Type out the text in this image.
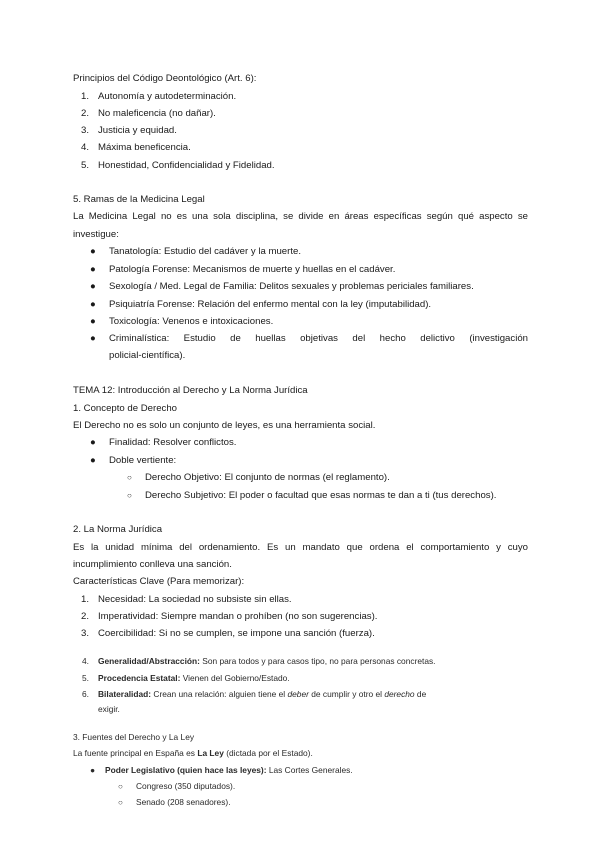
Principios del Código Deontológico (Art. 6):
1. Autonomía y autodeterminación.
2. No maleficencia (no dañar).
3. Justicia y equidad.
4. Máxima beneficencia.
5. Honestidad, Confidencialidad y Fidelidad.
5. Ramas de la Medicina Legal
La Medicina Legal no es una sola disciplina, se divide en áreas específicas según qué aspecto se
investigue:
● Tanatología: Estudio del cadáver y la muerte.
● Patología Forense: Mecanismos de muerte y huellas en el cadáver.
● Sexología / Med. Legal de Familia: Delitos sexuales y problemas periciales familiares.
● Psiquiatría Forense: Relación del enfermo mental con la ley (imputabilidad).
● Toxicología: Venenos e intoxicaciones.
● Criminalística: Estudio de huellas objetivas del hecho delictivo (investigación
policial-científica).
TEMA 12: Introducción al Derecho y La Norma Jurídica
1. Concepto de Derecho
El Derecho no es solo un conjunto de leyes, es una herramienta social.
● Finalidad: Resolver conflictos.
● Doble vertiente:
○ Derecho Objetivo: El conjunto de normas (el reglamento).
○ Derecho Subjetivo: El poder o facultad que esas normas te dan a ti (tus derechos).
2. La Norma Jurídica
Es la unidad mínima del ordenamiento. Es un mandato que ordena el comportamiento y cuyo
incumplimiento conlleva una sanción.
Características Clave (Para memorizar):
1. Necesidad: La sociedad no subsiste sin ellas.
2. Imperatividad: Siempre mandan o prohíben (no son sugerencias).
3. Coercibilidad: Si no se cumplen, se impone una sanción (fuerza).
4. Generalidad/Abstracción: Son para todos y para casos tipo, no para personas concretas.
5. Procedencia Estatal: Vienen del Gobierno/Estado.
6. Bilateralidad: Crean una relación: alguien tiene el deber de cumplir y otro el derecho de
exigir.
3. Fuentes del Derecho y La Ley
La fuente principal en España es La Ley (dictada por el Estado).
● Poder Legislativo (quien hace las leyes): Las Cortes Generales.
○ Congreso (350 diputados).
○ Senado (208 senadores).
